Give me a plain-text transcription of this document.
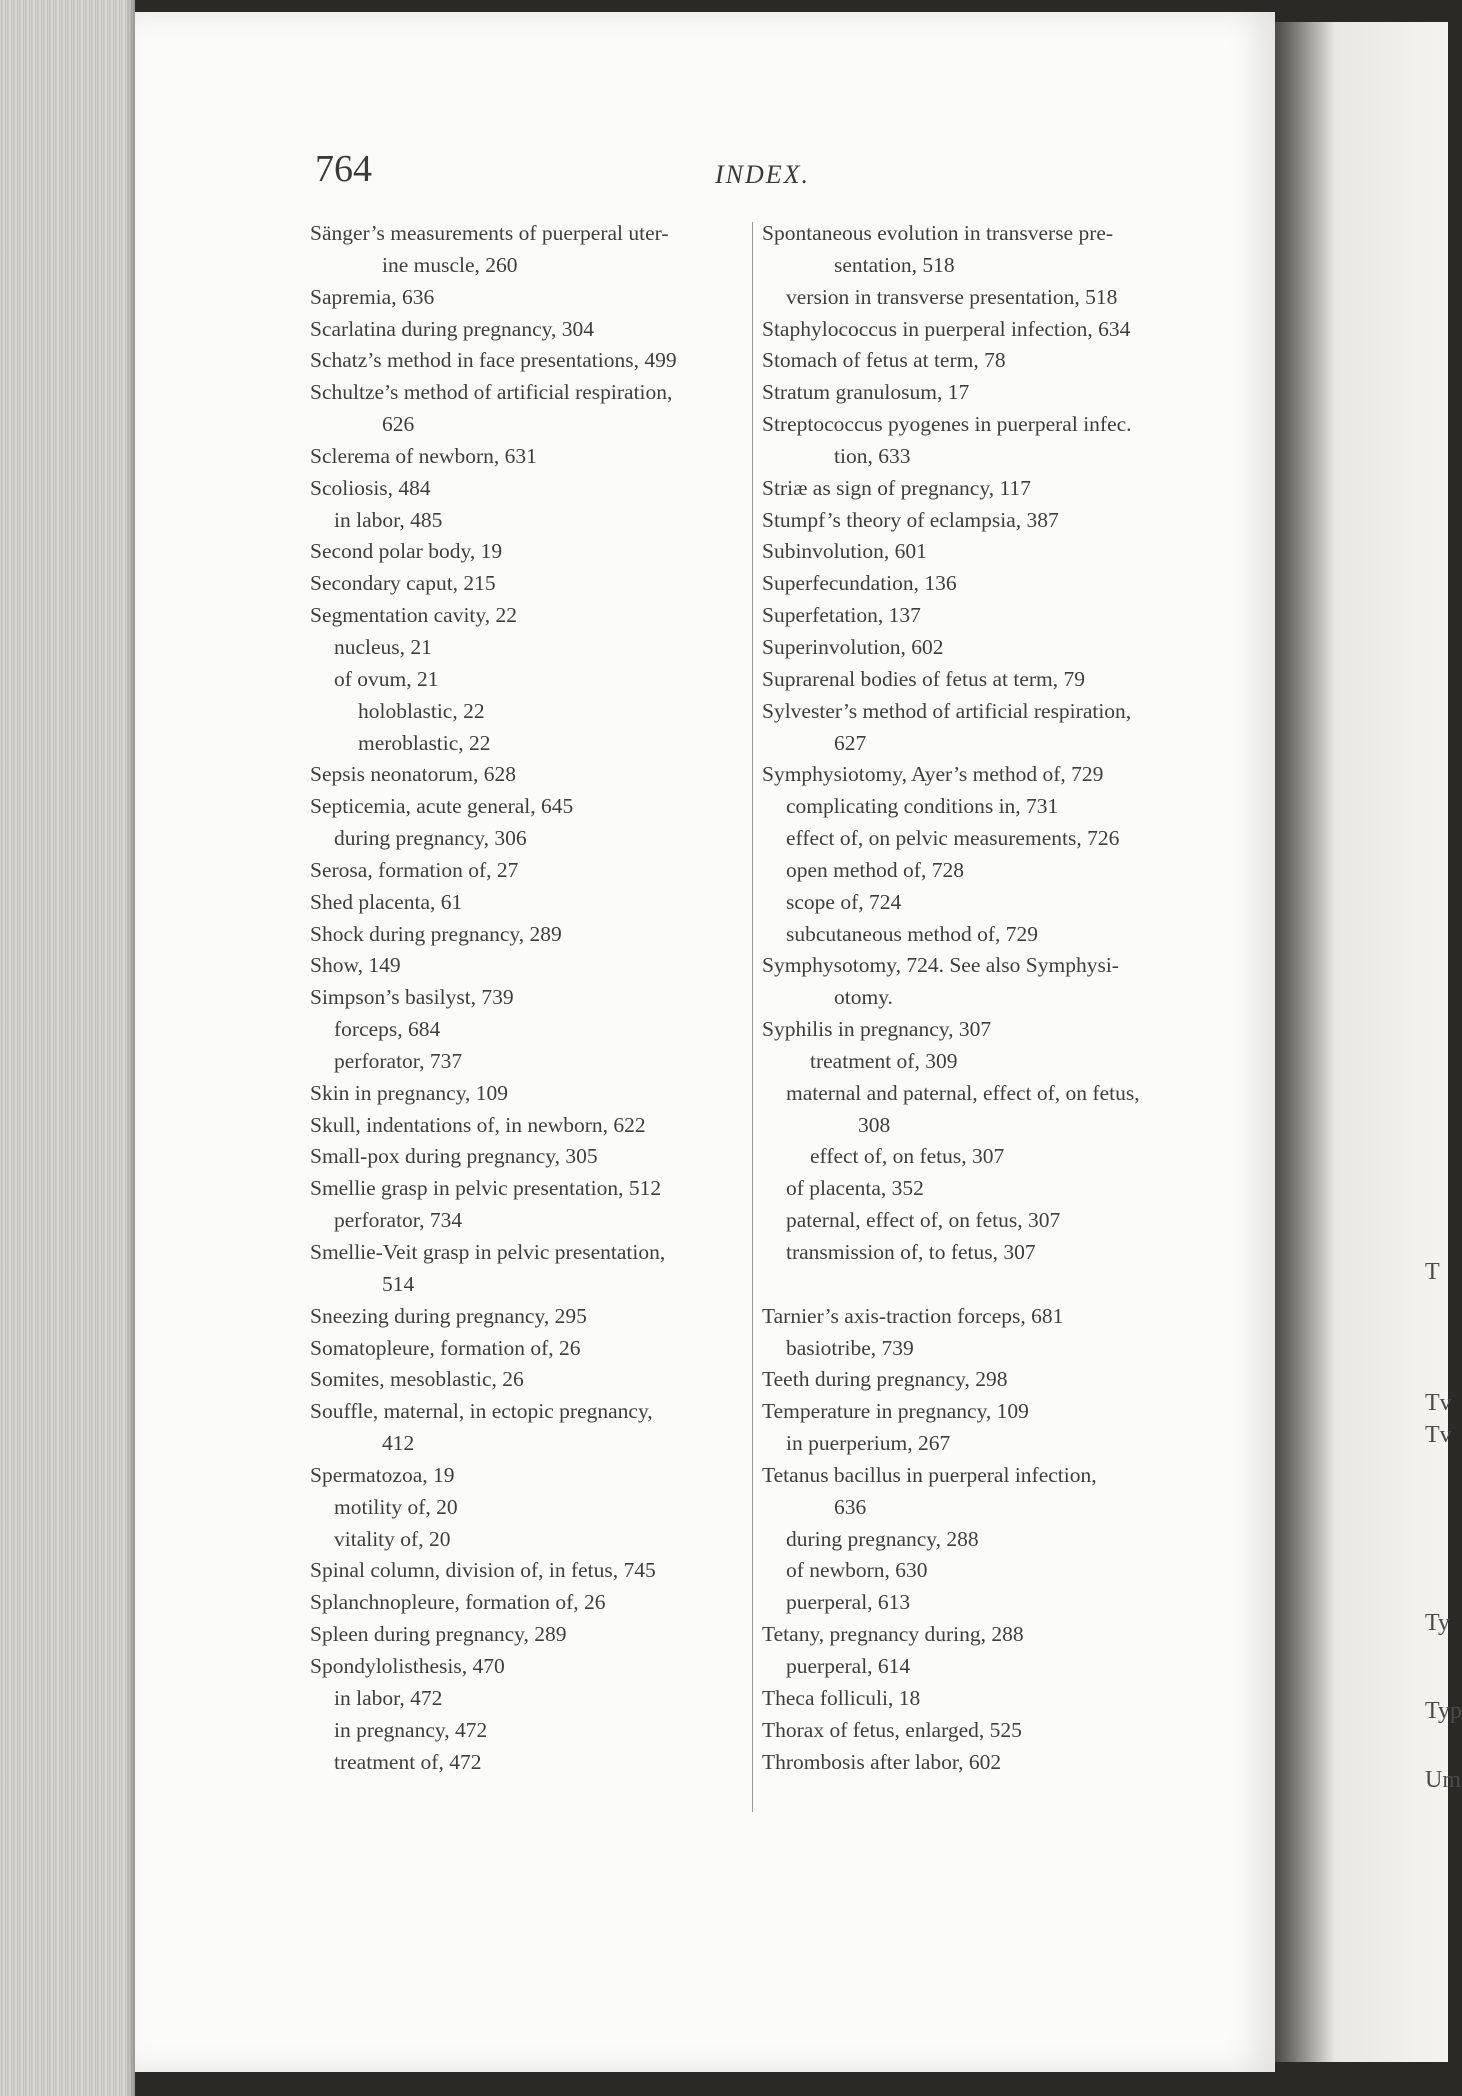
T
Tv
Tv
Ty
Typ
Um
764	INDEX.
Sänger’s measurements of puerperal uter-
ine muscle, 260
Sapremia, 636
Scarlatina during pregnancy, 304
Schatz’s method in face presentations, 499
Schultze’s method of artificial respiration,
626
Sclerema of newborn, 631
Scoliosis, 484
in labor, 485
Second polar body, 19
Secondary caput, 215
Segmentation cavity, 22
nucleus, 21
of ovum, 21
holoblastic, 22
meroblastic, 22
Sepsis neonatorum, 628
Septicemia, acute general, 645
during pregnancy, 306
Serosa, formation of, 27
Shed placenta, 61
Shock during pregnancy, 289
Show, 149
Simpson’s basilyst, 739
forceps, 684
perforator, 737
Skin in pregnancy, 109
Skull, indentations of, in newborn, 622
Small-pox during pregnancy, 305
Smellie grasp in pelvic presentation, 512
perforator, 734
Smellie-Veit grasp in pelvic presentation,
514
Sneezing during pregnancy, 295
Somatopleure, formation of, 26
Somites, mesoblastic, 26
Souffle, maternal, in ectopic pregnancy,
412
Spermatozoa, 19
motility of, 20
vitality of, 20
Spinal column, division of, in fetus, 745
Splanchnopleure, formation of, 26
Spleen during pregnancy, 289
Spondylolisthesis, 470
in labor, 472
in pregnancy, 472
treatment of, 472
Spontaneous evolution in transverse pre-
sentation, 518
version in transverse presentation, 518
Staphylococcus in puerperal infection, 634
Stomach of fetus at term, 78
Stratum granulosum, 17
Streptococcus pyogenes in puerperal infec.
tion, 633
Striæ as sign of pregnancy, 117
Stumpf’s theory of eclampsia, 387
Subinvolution, 601
Superfecundation, 136
Superfetation, 137
Superinvolution, 602
Suprarenal bodies of fetus at term, 79
Sylvester’s method of artificial respiration,
627
Symphysiotomy, Ayer’s method of, 729
complicating conditions in, 731
effect of, on pelvic measurements, 726
open method of, 728
scope of, 724
subcutaneous method of, 729
Symphysotomy, 724. See also Symphysi-
otomy.
Syphilis in pregnancy, 307
treatment of, 309
maternal and paternal, effect of, on fetus,
308
effect of, on fetus, 307
of placenta, 352
paternal, effect of, on fetus, 307
transmission of, to fetus, 307
Tarnier’s axis-traction forceps, 681
basiotribe, 739
Teeth during pregnancy, 298
Temperature in pregnancy, 109
in puerperium, 267
Tetanus bacillus in puerperal infection,
636
during pregnancy, 288
of newborn, 630
puerperal, 613
Tetany, pregnancy during, 288
puerperal, 614
Theca folliculi, 18
Thorax of fetus, enlarged, 525
Thrombosis after labor, 602
